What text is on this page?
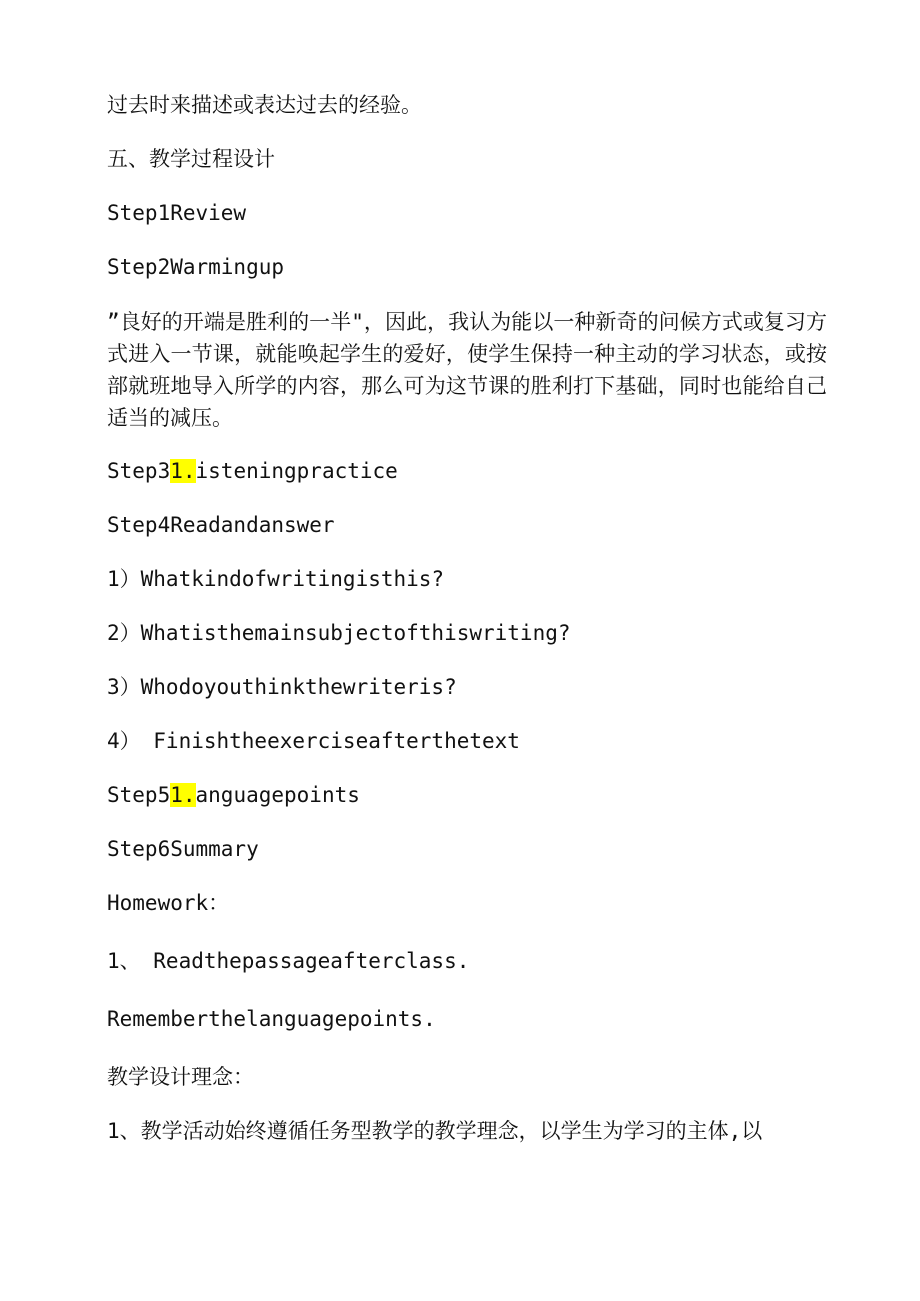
过去时来描述或表达过去的经验。

五、教学过程设计

Step1Review

Step2Warmingup

”良好的开端是胜利的一半"，因此，我认为能以一种新奇的问候方式或复习方式进入一节课，就能唤起学生的爱好，使学生保持一种主动的学习状态，或按部就班地导入所学的内容，那么可为这节课的胜利打下基础，同时也能给自己适当的减压。

Step31.isteningpractice

Step4Readandanswer

1）Whatkindofwritingisthis?

2）Whatisthemainsubjectofthiswriting?

3）Whodoyouthinkthewriteris?

4） Finishtheexerciseafterthetext

Step51.anguagepoints

Step6Summary

Homework：

1、 Readthepassageafterclass.

Rememberthelanguagepoints.

教学设计理念：

1、教学活动始终遵循任务型教学的教学理念，以学生为学习的主体,以
